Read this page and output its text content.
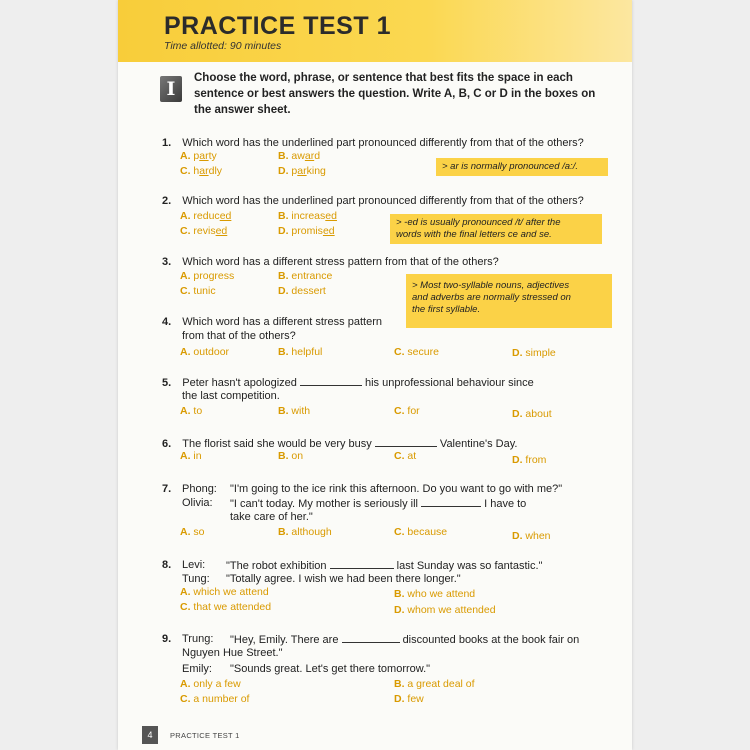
PRACTICE TEST 1
Time allotted: 90 minutes
I	Choose the word, phrase, or sentence that best fits the space in each sentence or best answers the question. Write A, B, C or D in the boxes on the answer sheet.
1. Which word has the underlined part pronounced differently from that of the others?
A. party	B. award
C. hardly	D. parking	> ar is normally pronounced /a:/.
2. Which word has the underlined part pronounced differently from that of the others?
A. reduced	B. increased
C. revised	D. promised
> -ed is usually pronounced /t/ after the
words with the final letters ce and se.
3. Which word has a different stress pattern from that of the others?
A. progress	B. entrance
C. tunic	D. dessert	> Most two-syllable nouns, adjectives
and adverbs are normally stressed on
the first syllable.
4. Which word has a different stress pattern
from that of the others?
A. outdoor	B. helpful	C. secure	D. simple
5. Peter hasn't apologized	his unprofessional behaviour since
the last competition.
A. to	B. with	C. for	D. about
6. The florist said she would be very busy	Valentine's Day.
A. in	B. on	C. at	D. from
7. Phong: "I'm going to the ice rink this afternoon. Do you want to go with me?"
Olivia: "I can't today. My mother is seriously ill	I have to
take care of her."
A. so	B. although	C. because	D. when
8. Levi: "The robot exhibition	last Sunday was so fantastic."
Tung: "Totally agree. I wish we had been there longer."
A. which we attend	B. who we attend
C. that we attended	D. whom we attended
9. Trung: "Hey, Emily. There are	discounted books at the book fair on
Nguyen Hue Street."
Emily: "Sounds great. Let's get there tomorrow."
A. only a few	B. a great deal of
C. a number of	D. few
4	PRACTICE TEST 1
